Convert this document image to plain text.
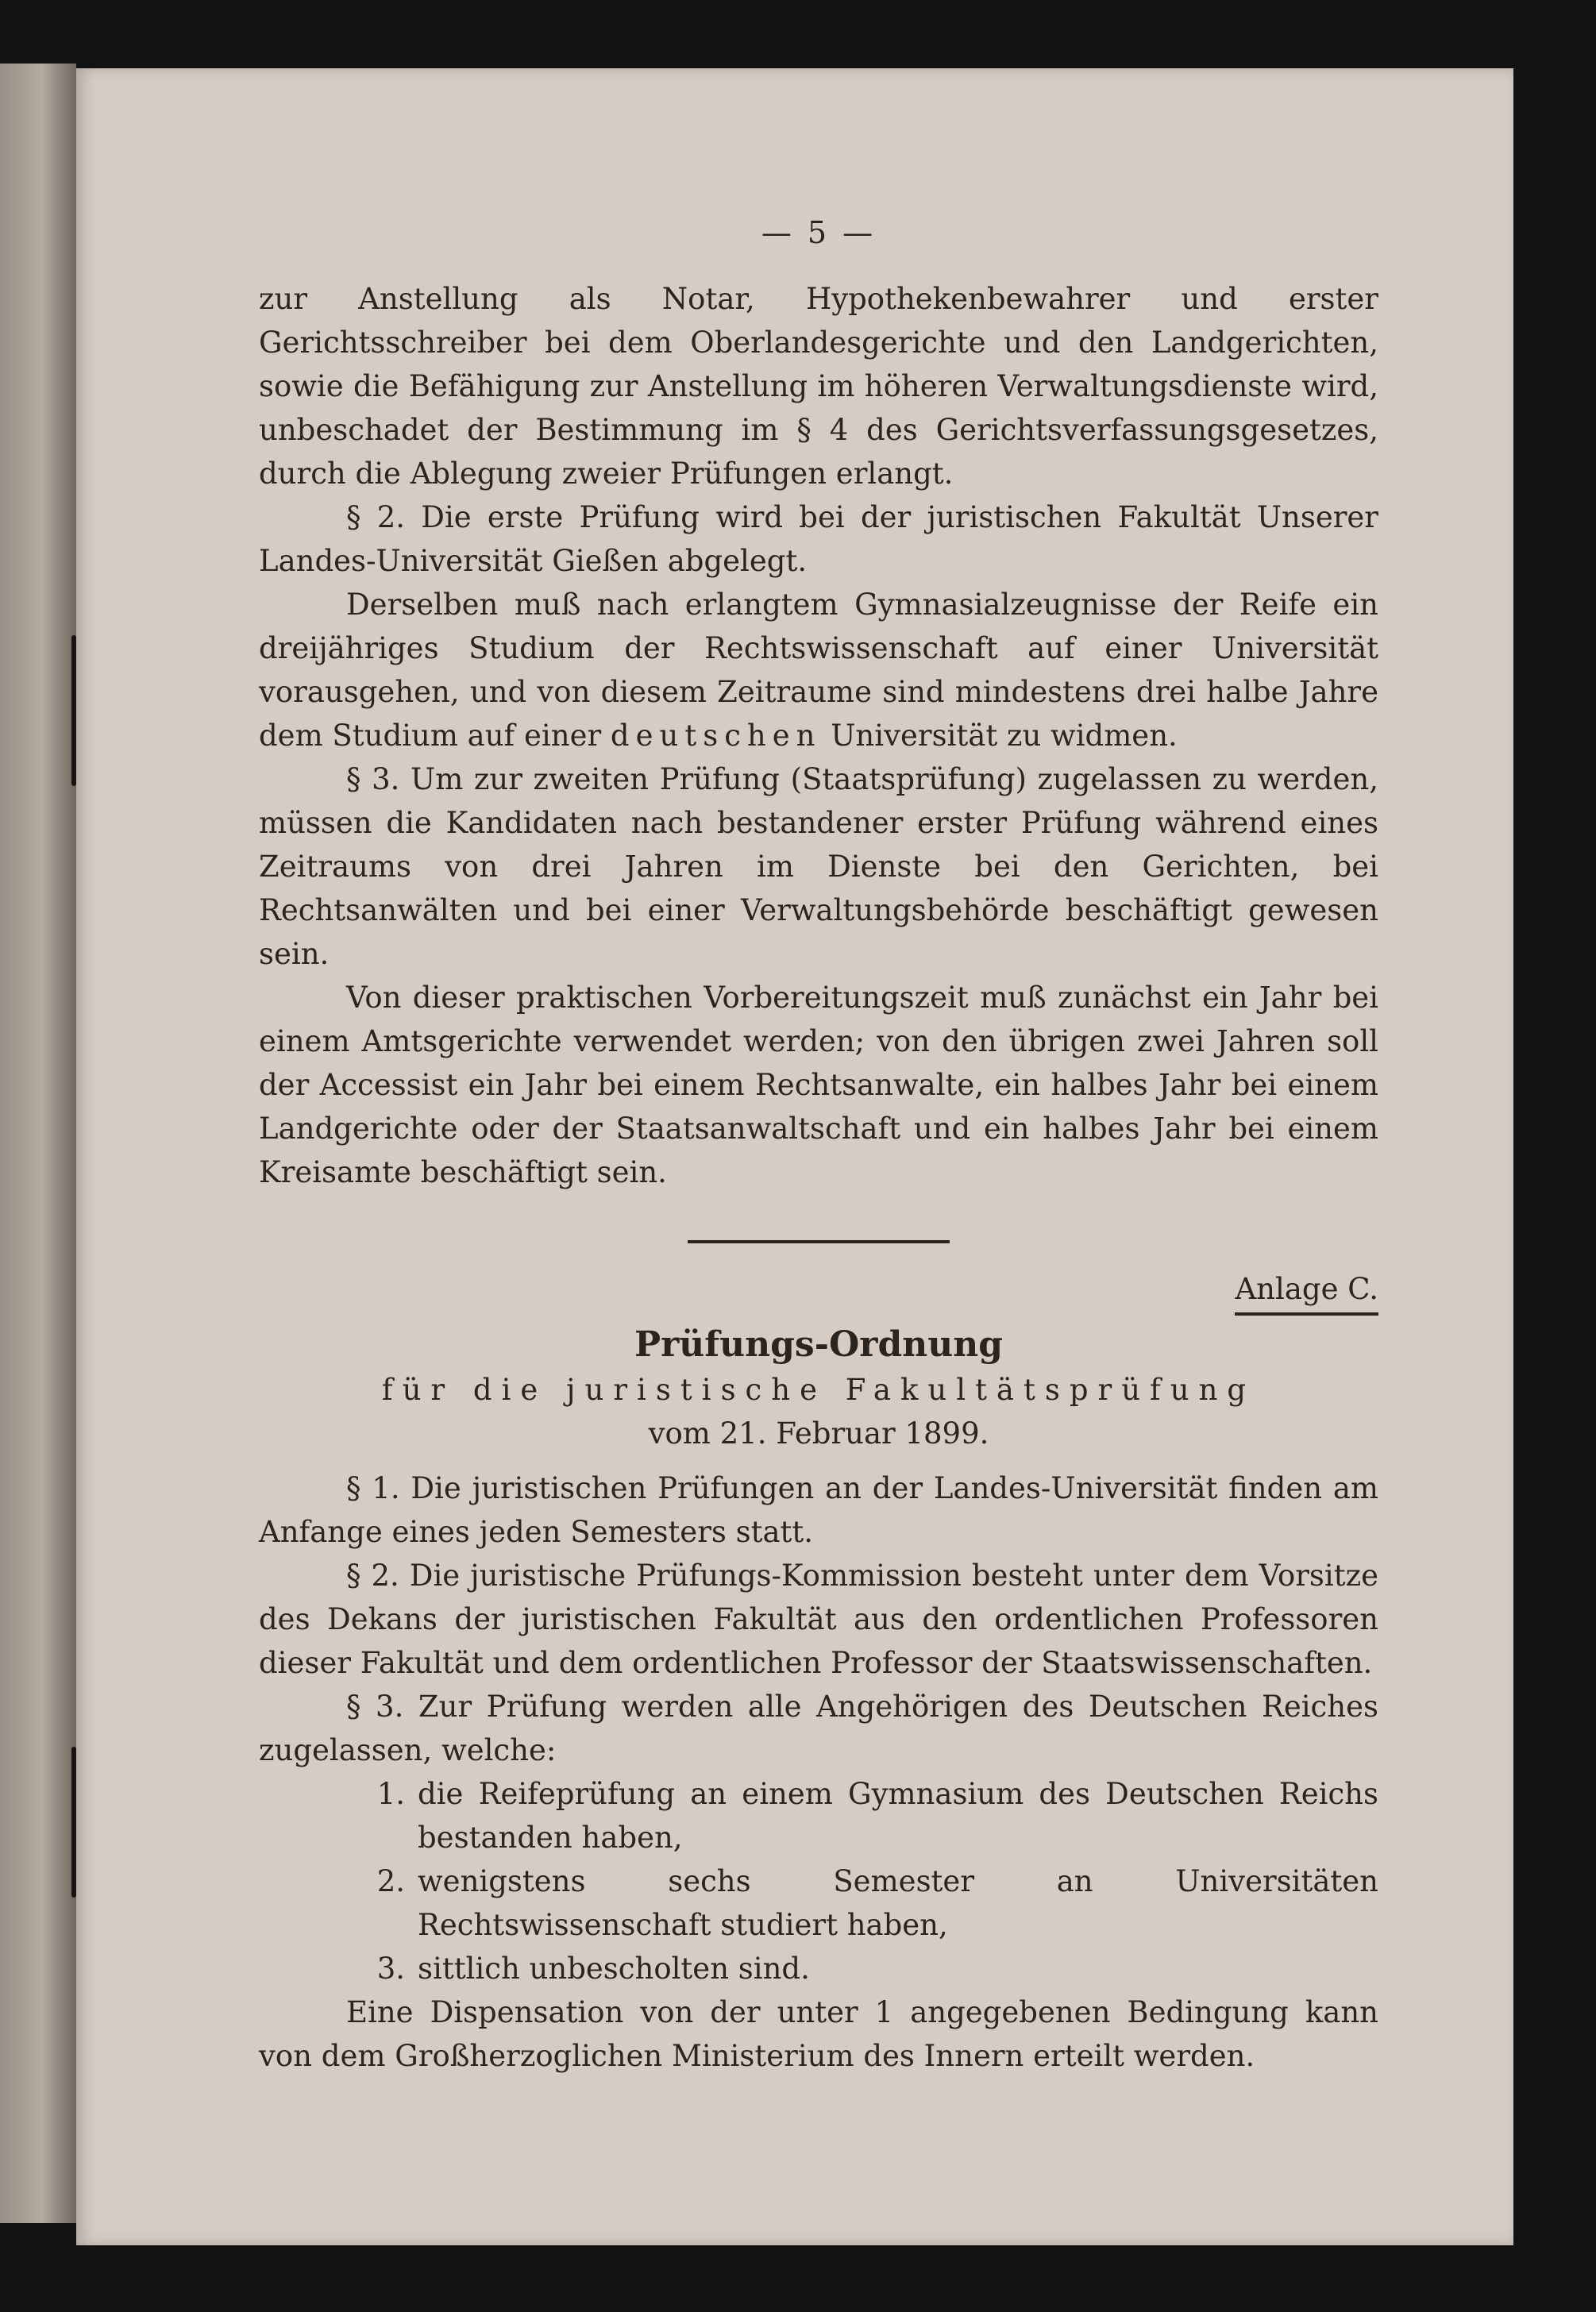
— 5 —

zur Anstellung als Notar, Hypothekenbewahrer und erster Gerichtsschreiber bei dem Oberlandesgerichte und den Landgerichten, sowie die Befähigung zur Anstellung im höheren Verwaltungsdienste wird, unbeschadet der Bestimmung im § 4 des Gerichtsverfassungsgesetzes, durch die Ablegung zweier Prüfungen erlangt.

§ 2. Die erste Prüfung wird bei der juristischen Fakultät Unserer Landes-Universität Gießen abgelegt.

Derselben muß nach erlangtem Gymnasialzeugnisse der Reife ein dreijähriges Studium der Rechtswissenschaft auf einer Universität vorausgehen, und von diesem Zeitraume sind mindestens drei halbe Jahre dem Studium auf einer deutschen Universität zu widmen.

§ 3. Um zur zweiten Prüfung (Staatsprüfung) zugelassen zu werden, müssen die Kandidaten nach bestandener erster Prüfung während eines Zeitraums von drei Jahren im Dienste bei den Gerichten, bei Rechtsanwälten und bei einer Verwaltungsbehörde beschäftigt gewesen sein.

Von dieser praktischen Vorbereitungszeit muß zunächst ein Jahr bei einem Amtsgerichte verwendet werden; von den übrigen zwei Jahren soll der Accessist ein Jahr bei einem Rechtsanwalte, ein halbes Jahr bei einem Landgerichte oder der Staatsanwaltschaft und ein halbes Jahr bei einem Kreisamte beschäftigt sein.

Anlage C.
Prüfungs-Ordnung

für die juristische Fakultätsprüfung

vom 21. Februar 1899.

§ 1. Die juristischen Prüfungen an der Landes-Universität finden am Anfange eines jeden Semesters statt.

§ 2. Die juristische Prüfungs-Kommission besteht unter dem Vorsitze des Dekans der juristischen Fakultät aus den ordentlichen Professoren dieser Fakultät und dem ordentlichen Professor der Staatswissenschaften.

§ 3. Zur Prüfung werden alle Angehörigen des Deutschen Reiches zugelassen, welche:

1. die Reifeprüfung an einem Gymnasium des Deutschen Reichs bestanden haben,
2. wenigstens sechs Semester an Universitäten Rechtswissenschaft studiert haben,
3. sittlich unbescholten sind.

Eine Dispensation von der unter 1 angegebenen Bedingung kann von dem Großherzoglichen Ministerium des Innern erteilt werden.
